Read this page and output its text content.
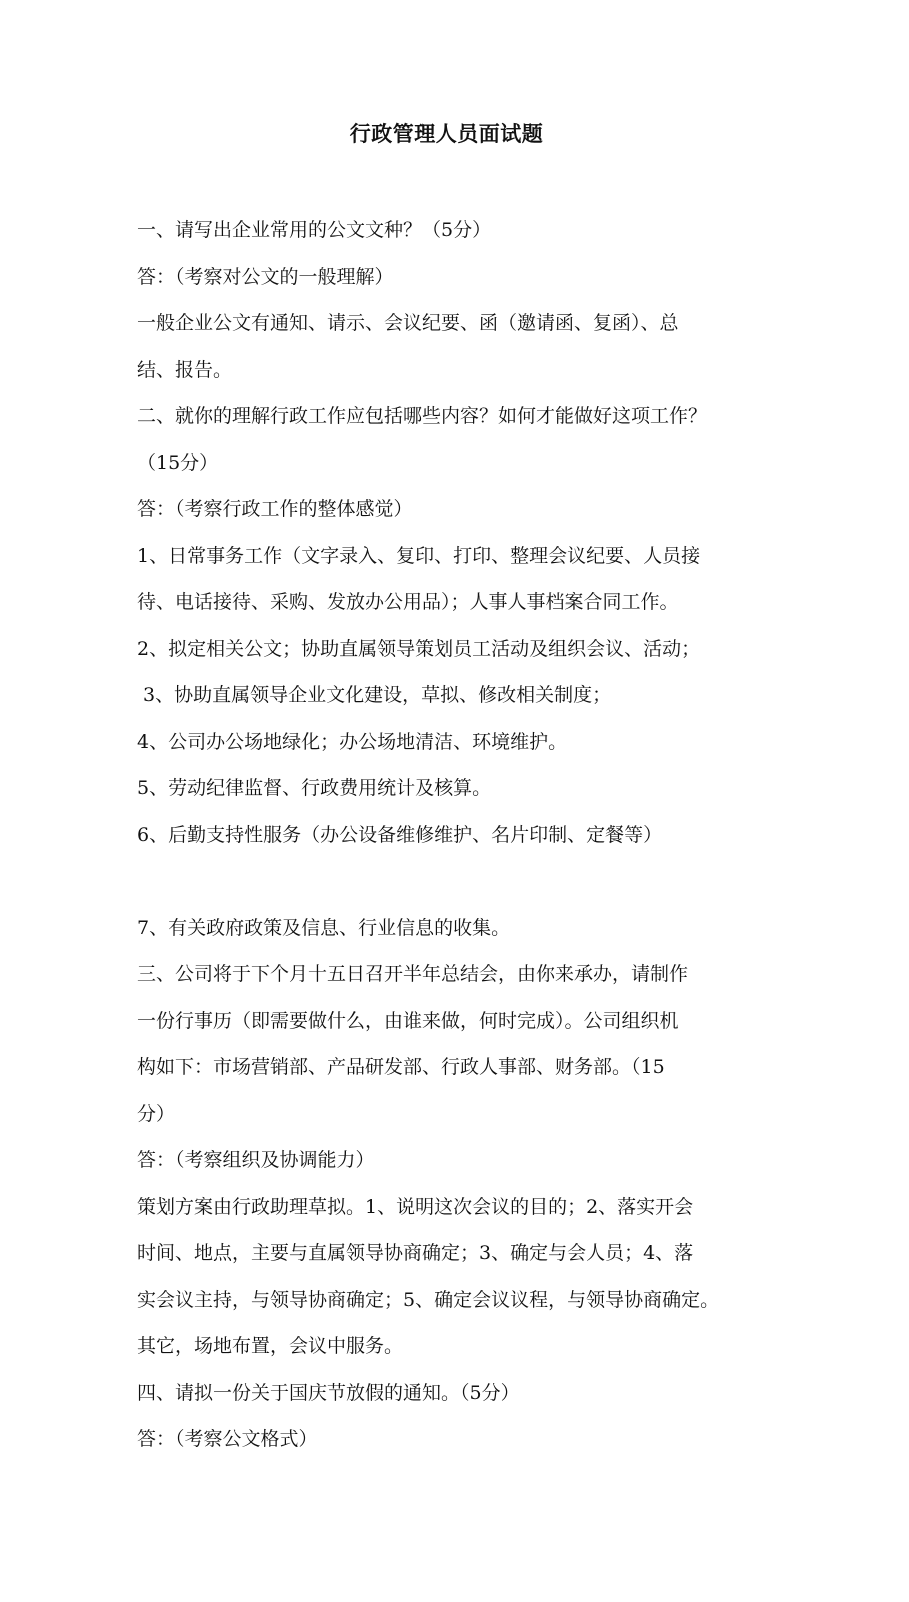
行政管理人员面试题
一、请写出企业常用的公文文种？（5分）
答：（考察对公文的一般理解）
一般企业公文有通知、请示、会议纪要、函（邀请函、复函）、总
结、报告。
二、就你的理解行政工作应包括哪些内容？如何才能做好这项工作？
（15分）
答：（考察行政工作的整体感觉）
1、日常事务工作（文字录入、复印、打印、整理会议纪要、人员接
待、电话接待、采购、发放办公用品）；人事人事档案合同工作。
2、拟定相关公文；协助直属领导策划员工活动及组织会议、活动；
3、协助直属领导企业文化建设，草拟、修改相关制度；
4、公司办公场地绿化；办公场地清洁、环境维护。
5、劳动纪律监督、行政费用统计及核算。
6、后勤支持性服务（办公设备维修维护、名片印制、定餐等）
7、有关政府政策及信息、行业信息的收集。
三、公司将于下个月十五日召开半年总结会，由你来承办，请制作
一份行事历（即需要做什么，由谁来做，何时完成）。公司组织机
构如下：市场营销部、产品研发部、行政人事部、财务部。（15
分）
答：（考察组织及协调能力）
策划方案由行政助理草拟。1、说明这次会议的目的；2、落实开会
时间、地点，主要与直属领导协商确定；3、确定与会人员；4、落
实会议主持，与领导协商确定；5、确定会议议程，与领导协商确定。
其它，场地布置，会议中服务。
四、请拟一份关于国庆节放假的通知。（5分）
答：（考察公文格式）
